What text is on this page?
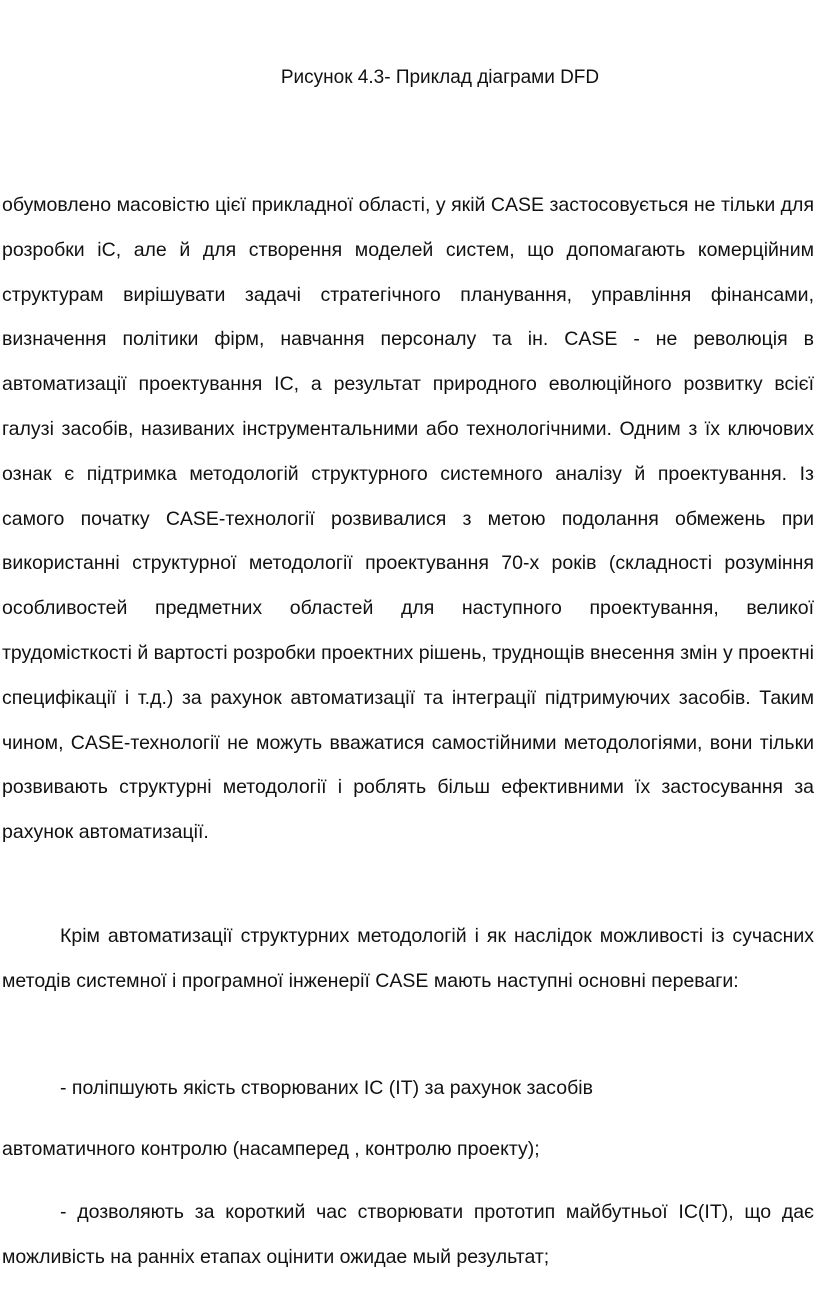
Рисунок 4.3- Приклад діаграми DFD
обумовлено масовістю цієї прикладної області, у якій CASE застосовується не тільки для розробки іС, але й для створення моделей систем, що допомагають комерційним структурам вирішувати задачі стратегічного планування, управління фінансами, визначення політики фірм, навчання персоналу та ін. CASE - не революція в автоматизації проектування ІС, а результат природного еволюційного розвитку всієї галузі засобів, називаних інструментальними або технологічними. Одним з їх ключових ознак є підтримка методологій структурного системного аналізу й проектування. Із самого початку CASE-технології розвивалися з метою подолання обмежень при використанні структурної методології проектування 70-х років (складності розуміння особливостей предметних областей для наступного проектування, великої трудомісткості й вартості розробки проектних рішень, труднощів внесення змін у проектні специфікації і т.д.) за рахунок автоматизації та інтеграції підтримуючих засобів. Таким чином, CASE-технології не можуть вважатися самостійними методологіями, вони тільки розвивають структурні методології і роблять більш ефективними їх застосування за рахунок автоматизації.
Крім автоматизації структурних методологій і як наслідок можливості із сучасних методів системної і програмної інженерії CASE мають наступні основні переваги:
- поліпшують якість створюваних ІС (ІТ) за рахунок засобів
автоматичного контролю (насамперед , контролю проекту);
- дозволяють за короткий час створювати прототип майбутньої ІС(ІТ), що дає можливість на ранніх етапах оцінити ожидае мый результат;
